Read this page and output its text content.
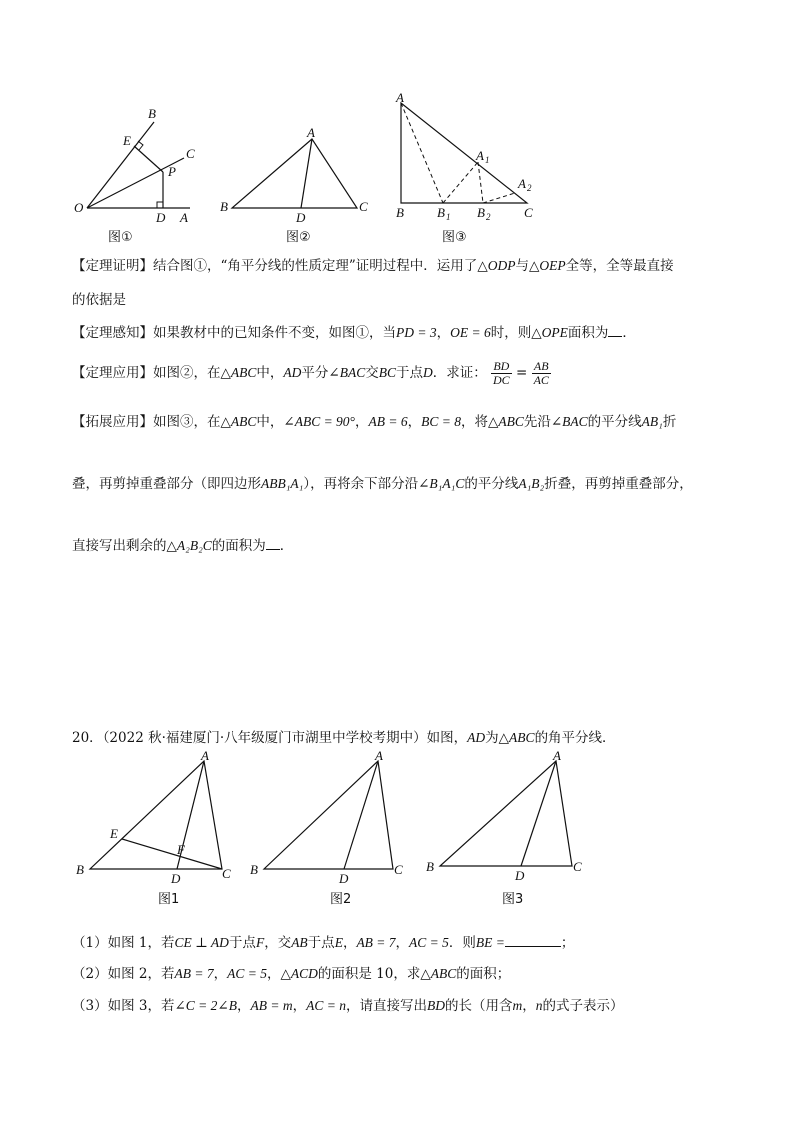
B
E
C
P
O
D A
图①
A
B
D
C
图②
A
A 1
A 2
B	B 1 B 2	C
图③
【定理证明】结合图①，“角平分线的性质定理”证明过程中．运用了△ODP与△OEP全等，全等最直接
的依据是
【定理感知】如果教材中的已知条件不变，如图①，当PD = 3，OE = 6时，则△OPE面积为 ．
【定理应用】如图②，在△ABC中，AD平分∠BAC交BC于点D．求证： $\frac{BD}{DC} = \frac{AB}{AC}$
【拓展应用】如图③，在△ABC中，∠ABC = 90°，AB = 6，BC = 8，将△ABC先沿∠BAC的平分线AB₁折
叠，再剪掉重叠部分（即四边形ABB₁A₁），再将余下部分沿∠B₁A₁C的平分线A₁B₂折叠，再剪掉重叠部分，
直接写出剩余的△A₂B₂C的面积为 ．
20．（2022 秋·福建厦门·八年级厦门市湖里中学校考期中）如图，AD为△ABC的角平分线．
A
E
F
B
D	C
图1
A
B
D
C
图2
A
B
D
C
图3
（1）如图 1，若CE ⊥ AD于点F，交AB于点E，AB = 7，AC = 5．则BE =	；
（2）如图 2，若AB = 7，AC = 5，△ACD的面积是 10，求△ABC的面积；
（3）如图 3，若∠C = 2∠B，AB = m，AC = n，请直接写出BD的长（用含m，n的式子表示）
